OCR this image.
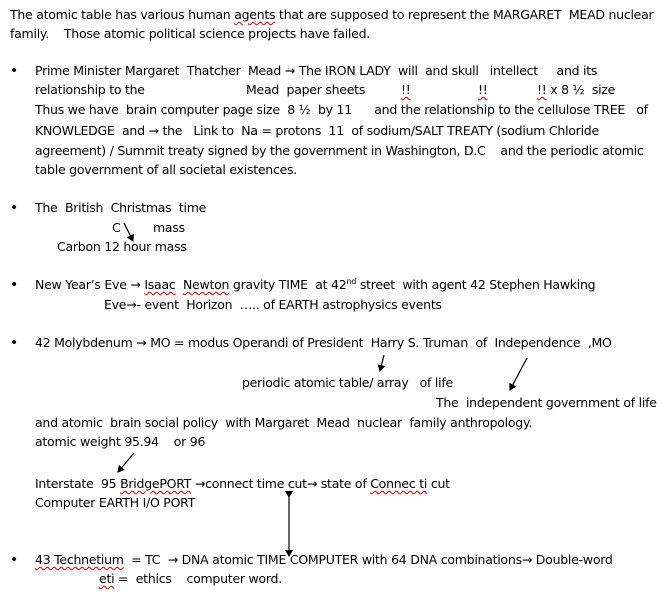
The atomic table has various human agents that are supposed to represent the MARGARET  MEAD nuclear
family.    Those atomic political science projects have failed.
• Prime Minister Margaret  Thatcher  Mead → The IRON LADY  will  and skull   intellect     and its
relationship to the	Mead  paper sheets	!!	!!	!! x 8 ½  size
Thus we have  brain computer page size  8 ½  by 11      and the relationship to the cellulose TREE   of
KNOWLEDGE  and → the   Link to  Na = protons  11  of sodium/SALT TREATY (sodium Chloride
agreement) / Summit treaty signed by the government in Washington, D.C    and the periodic atomic
table government of all societal existences.
• The  British  Christmas  time
C	mass
Carbon 12 hour mass
• New Year’s Eve → Isaac Newton gravity TIME  at 42nd street  with agent 42 Stephen Hawking
Eve→- event  Horizon  ….. of EARTH astrophysics events
• 42 Molybdenum → MO = modus Operandi of President  Harry S. Truman  of  Independence  ,MO
periodic atomic table/ array   of life
The  independent government of life
and atomic  brain social policy  with Margaret  Mead  nuclear  family anthropology.
atomic weight 95.94    or 96
Interstate  95 BridgePORT →connect time cut→ state of Connec ti cut
Computer EARTH I/O PORT
• 43 Technetium  = TC  → DNA atomic TIME COMPUTER with 64 DNA combinations→ Double-word
eti =  ethics    computer word.
